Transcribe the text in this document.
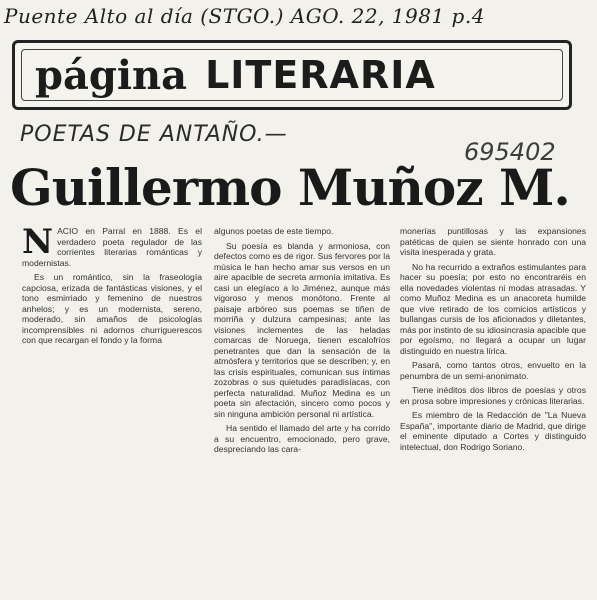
Puente Alto al día (STGO.) AGO. 22, 1981 p.4
página LITERARIA
POETAS DE ANTAÑO.—
695402
Guillermo Muñoz M.

NACIO en Parral en 1888. Es el verdadero poeta regulador de las corrientes literarias románticas y modernistas.

Es un romántico, sin la fraseología capciosa, erizada de fantásticas visiones, y el tono esmirriado y femenino de nuestros anhelos; y es un modernista, sereno, moderado, sin amaños de psicologías incomprensibles ni adornos churriguerescos con que recargan el fondo y la forma

algunos poetas de este tiempo.

Su poesía es blanda y armoniosa, con defectos como es de rigor. Sus fervores por la música le han hecho amar sus versos en un aire apacible de secreta armonía imitativa. Es casi un elegíaco a lo Jiménez, aunque más vigoroso y menos monótono. Frente al paisaje arbóreo sus poemas se tiñen de morriña y dulzura campesinas; ante las visiones inclementes de las heladas comarcas de Noruega, tienen escalofríos penetrantes que dan la sensación de la atmósfera y territorios que se describen; y, en las crisis espirituales, comunican sus íntimas zozobras o sus quietudes paradisíacas, con perfecta naturalidad. Muñoz Medina es un poeta sin afectación, sincero como pocos y sin ninguna ambición personal ni artística.

Ha sentido el llamado del arte y ha corrido a su encuentro, emocionado, pero grave, despreciando las cara-

monerías puntillosas y las expansiones patéticas de quien se siente honrado con una visita inesperada y grata.

No ha recurrido a extraños estimulantes para hacer su poesía; por esto no encontraréis en ella novedades violentas ni modas atrasadas. Y como Muñoz Medina es un anacoreta humilde que vive retirado de los comicios artísticos y bullangas cursis de los aficionados y diletantes, más por instinto de su idiosincrasia apacible que por egoísmo, no llegará a ocupar un lugar distinguido en nuestra lírica.

Pasará, como tantos otros, envuelto en la penumbra de un semi-anonimato.

Tiene inéditos dos libros de poesías y otros en prosa sobre impresiones y crónicas literarias.

Es miembro de la Redacción de "La Nueva España", importante diario de Madrid, que dirige el eminente diputado a Cortes y distinguido intelectual, don Rodrigo Soriano.
